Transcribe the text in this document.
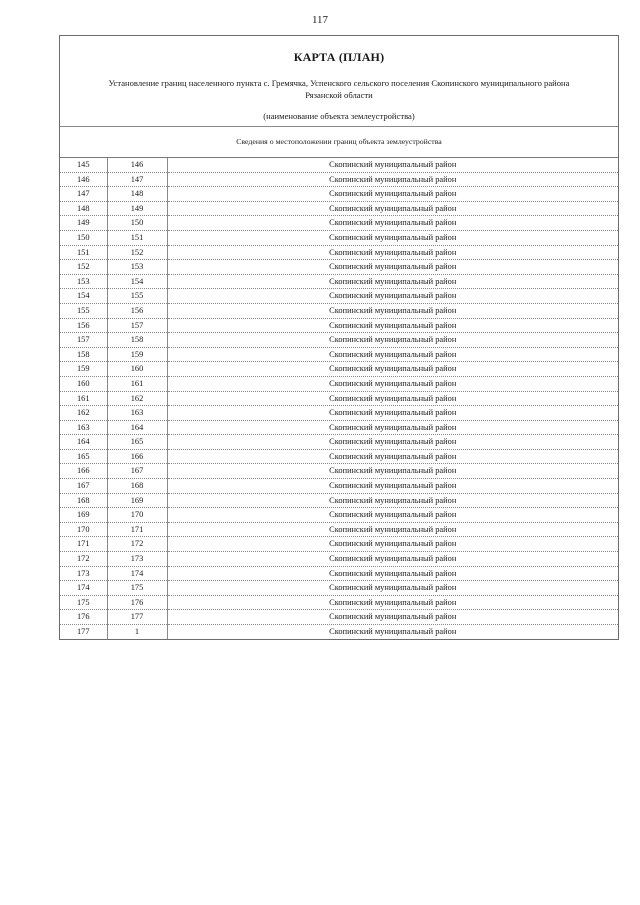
117
КАРТА (ПЛАН)
Установление границ населенного пункта с. Гремячка, Успенского сельского поселения Скопинского муниципального района Рязанской области
(наименование объекта землеустройства)
Сведения о местоположении границ объекта землеустройства
145	146	Скопинский муниципальный район
146	147	Скопинский муниципальный район
147	148	Скопинский муниципальный район
148	149	Скопинский муниципальный район
149	150	Скопинский муниципальный район
150	151	Скопинский муниципальный район
151	152	Скопинский муниципальный район
152	153	Скопинский муниципальный район
153	154	Скопинский муниципальный район
154	155	Скопинский муниципальный район
155	156	Скопинский муниципальный район
156	157	Скопинский муниципальный район
157	158	Скопинский муниципальный район
158	159	Скопинский муниципальный район
159	160	Скопинский муниципальный район
160	161	Скопинский муниципальный район
161	162	Скопинский муниципальный район
162	163	Скопинский муниципальный район
163	164	Скопинский муниципальный район
164	165	Скопинский муниципальный район
165	166	Скопинский муниципальный район
166	167	Скопинский муниципальный район
167	168	Скопинский муниципальный район
168	169	Скопинский муниципальный район
169	170	Скопинский муниципальный район
170	171	Скопинский муниципальный район
171	172	Скопинский муниципальный район
172	173	Скопинский муниципальный район
173	174	Скопинский муниципальный район
174	175	Скопинский муниципальный район
175	176	Скопинский муниципальный район
176	177	Скопинский муниципальный район
177	1	Скопинский муниципальный район
